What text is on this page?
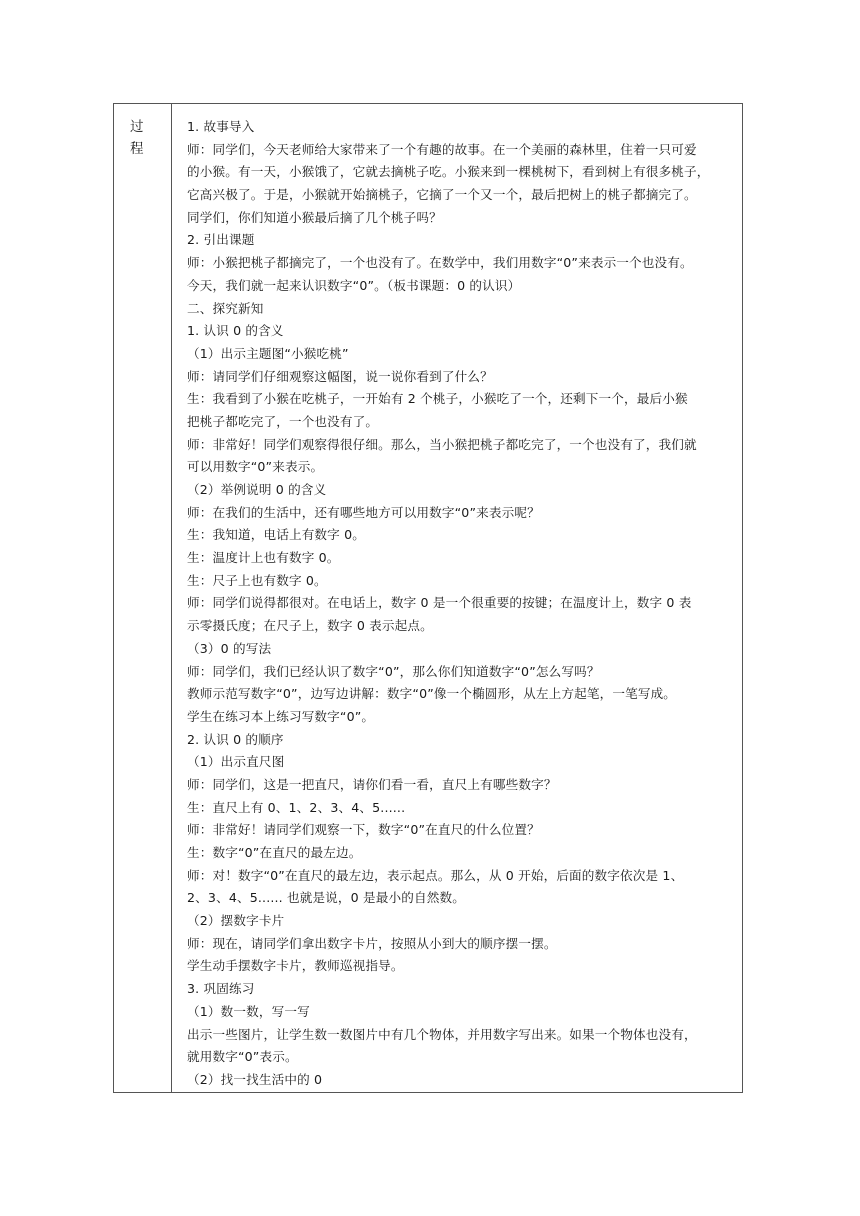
过
程
1. 故事导入
师：同学们，今天老师给大家带来了一个有趣的故事。在一个美丽的森林里，住着一只可爱
的小猴。有一天，小猴饿了，它就去摘桃子吃。小猴来到一棵桃树下，看到树上有很多桃子，
它高兴极了。于是，小猴就开始摘桃子，它摘了一个又一个，最后把树上的桃子都摘完了。
同学们，你们知道小猴最后摘了几个桃子吗？
2. 引出课题
师：小猴把桃子都摘完了，一个也没有了。在数学中，我们用数字“0”来表示一个也没有。
今天，我们就一起来认识数字“0”。（板书课题：0 的认识）
二、探究新知
1. 认识 0 的含义
（1）出示主题图“小猴吃桃”
师：请同学们仔细观察这幅图，说一说你看到了什么？
生：我看到了小猴在吃桃子，一开始有 2 个桃子，小猴吃了一个，还剩下一个，最后小猴
把桃子都吃完了，一个也没有了。
师：非常好！同学们观察得很仔细。那么，当小猴把桃子都吃完了，一个也没有了，我们就
可以用数字“0”来表示。
（2）举例说明 0 的含义
师：在我们的生活中，还有哪些地方可以用数字“0”来表示呢？
生：我知道，电话上有数字 0。
生：温度计上也有数字 0。
生：尺子上也有数字 0。
师：同学们说得都很对。在电话上，数字 0 是一个很重要的按键；在温度计上，数字 0 表
示零摄氏度；在尺子上，数字 0 表示起点。
（3）0 的写法
师：同学们，我们已经认识了数字“0”，那么你们知道数字“0”怎么写吗？
教师示范写数字“0”，边写边讲解：数字“0”像一个椭圆形，从左上方起笔，一笔写成。
学生在练习本上练习写数字“0”。
2. 认识 0 的顺序
（1）出示直尺图
师：同学们，这是一把直尺，请你们看一看，直尺上有哪些数字？
生：直尺上有 0、1、2、3、4、5......
师：非常好！请同学们观察一下，数字“0”在直尺的什么位置？
生：数字“0”在直尺的最左边。
师：对！数字“0”在直尺的最左边，表示起点。那么，从 0 开始，后面的数字依次是 1、
2、3、4、5...... 也就是说，0 是最小的自然数。
（2）摆数字卡片
师：现在，请同学们拿出数字卡片，按照从小到大的顺序摆一摆。
学生动手摆数字卡片，教师巡视指导。
3. 巩固练习
（1）数一数，写一写
出示一些图片，让学生数一数图片中有几个物体，并用数字写出来。如果一个物体也没有，
就用数字“0”表示。
（2）找一找生活中的 0
